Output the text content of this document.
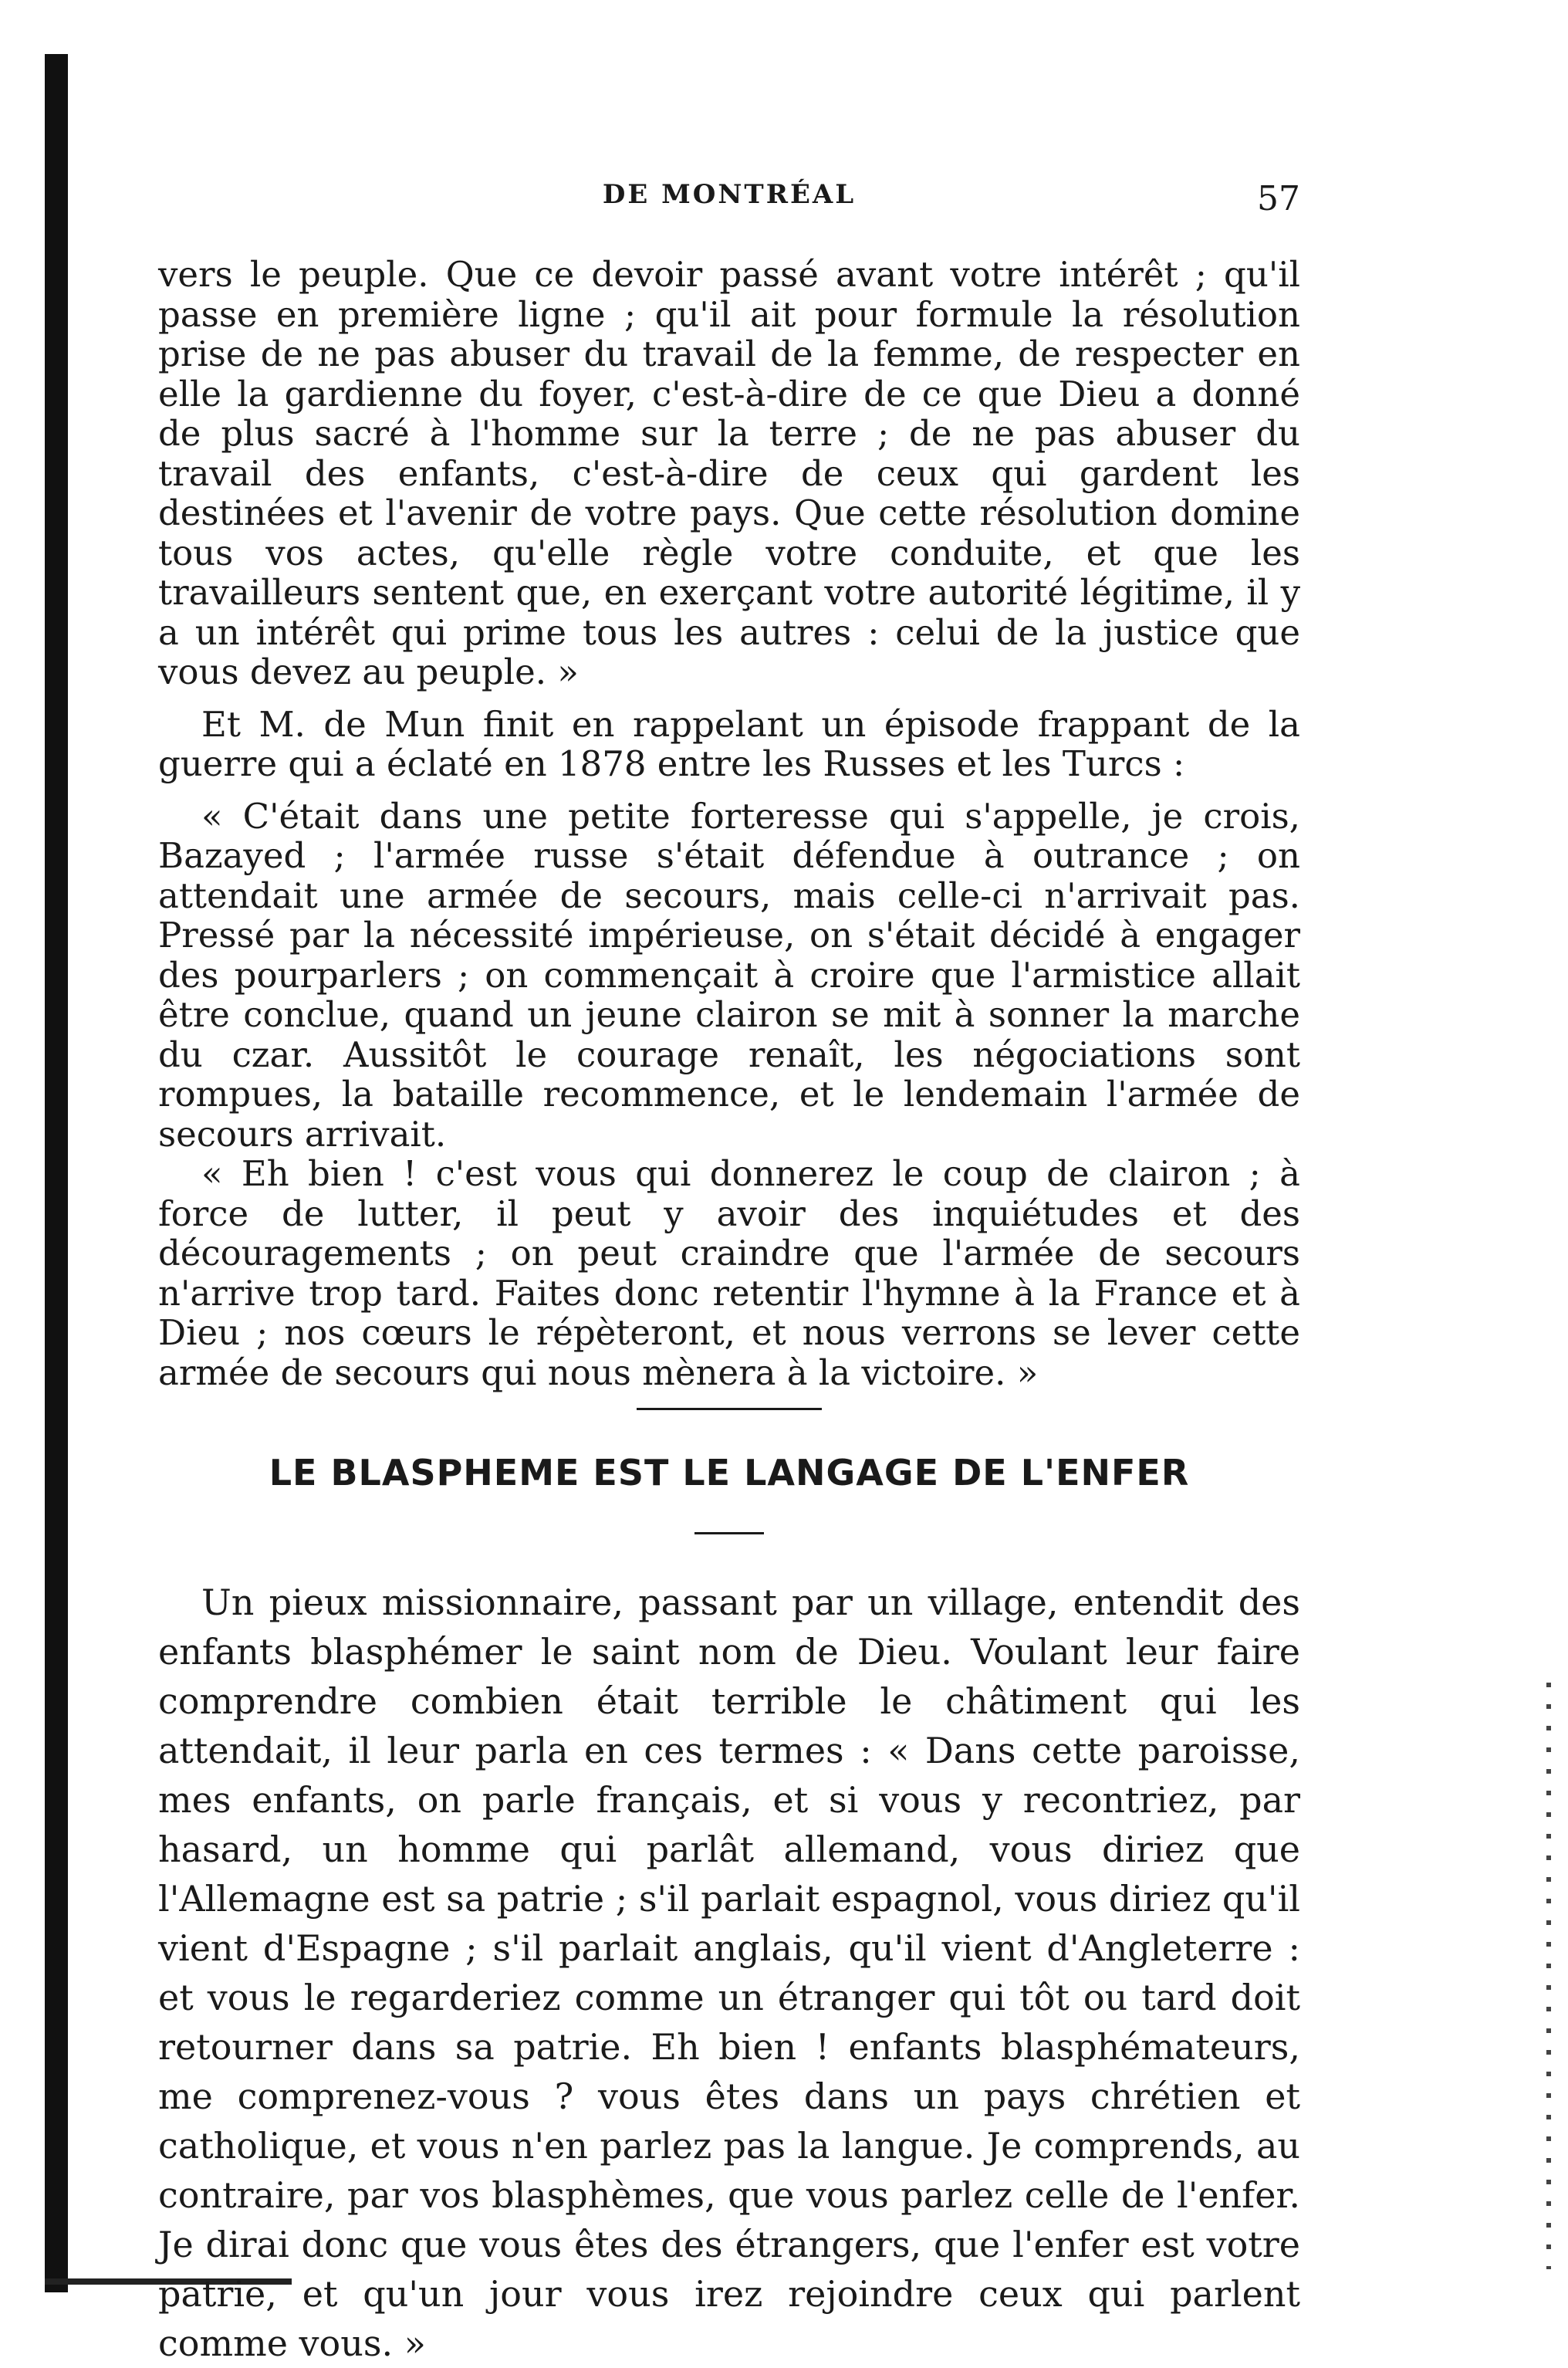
DE MONTRÉAL	57

vers le peuple. Que ce devoir passé avant votre intérêt ; qu'il passe en première ligne ; qu'il ait pour formule la résolution prise de ne pas abuser du travail de la femme, de respecter en elle la gardienne du foyer, c'est-à-dire de ce que Dieu a donné de plus sacré à l'homme sur la terre ; de ne pas abuser du travail des enfants, c'est-à-dire de ceux qui gardent les destinées et l'avenir de votre pays. Que cette résolution domine tous vos actes, qu'elle règle votre conduite, et que les travailleurs sentent que, en exerçant votre autorité légitime, il y a un intérêt qui prime tous les autres : celui de la justice que vous devez au peuple. »

Et M. de Mun finit en rappelant un épisode frappant de la guerre qui a éclaté en 1878 entre les Russes et les Turcs :

« C'était dans une petite forteresse qui s'appelle, je crois, Bazayed ; l'armée russe s'était défendue à outrance ; on attendait une armée de secours, mais celle-ci n'arrivait pas. Pressé par la nécessité impérieuse, on s'était décidé à engager des pourparlers ; on commençait à croire que l'armistice allait être conclue, quand un jeune clairon se mit à sonner la marche du czar. Aussitôt le courage renaît, les négociations sont rompues, la bataille recommence, et le lendemain l'armée de secours arrivait.

« Eh bien ! c'est vous qui donnerez le coup de clairon ; à force de lutter, il peut y avoir des inquiétudes et des découragements ; on peut craindre que l'armée de secours n'arrive trop tard. Faites donc retentir l'hymne à la France et à Dieu ; nos cœurs le répèteront, et nous verrons se lever cette armée de secours qui nous mènera à la victoire. »

LE BLASPHEME EST LE LANGAGE DE L'ENFER

Un pieux missionnaire, passant par un village, entendit des enfants blasphémer le saint nom de Dieu. Voulant leur faire comprendre combien était terrible le châtiment qui les attendait, il leur parla en ces termes : « Dans cette paroisse, mes enfants, on parle français, et si vous y recontriez, par hasard, un homme qui parlât allemand, vous diriez que l'Allemagne est sa patrie ; s'il parlait espagnol, vous diriez qu'il vient d'Espagne ; s'il parlait anglais, qu'il vient d'Angleterre : et vous le regarderiez comme un étranger qui tôt ou tard doit retourner dans sa patrie. Eh bien ! enfants blasphémateurs, me comprenez-vous ? vous êtes dans un pays chrétien et catholique, et vous n'en parlez pas la langue. Je comprends, au contraire, par vos blasphèmes, que vous parlez celle de l'enfer. Je dirai donc que vous êtes des étrangers, que l'enfer est votre patrie, et qu'un jour vous irez rejoindre ceux qui parlent comme vous. »
